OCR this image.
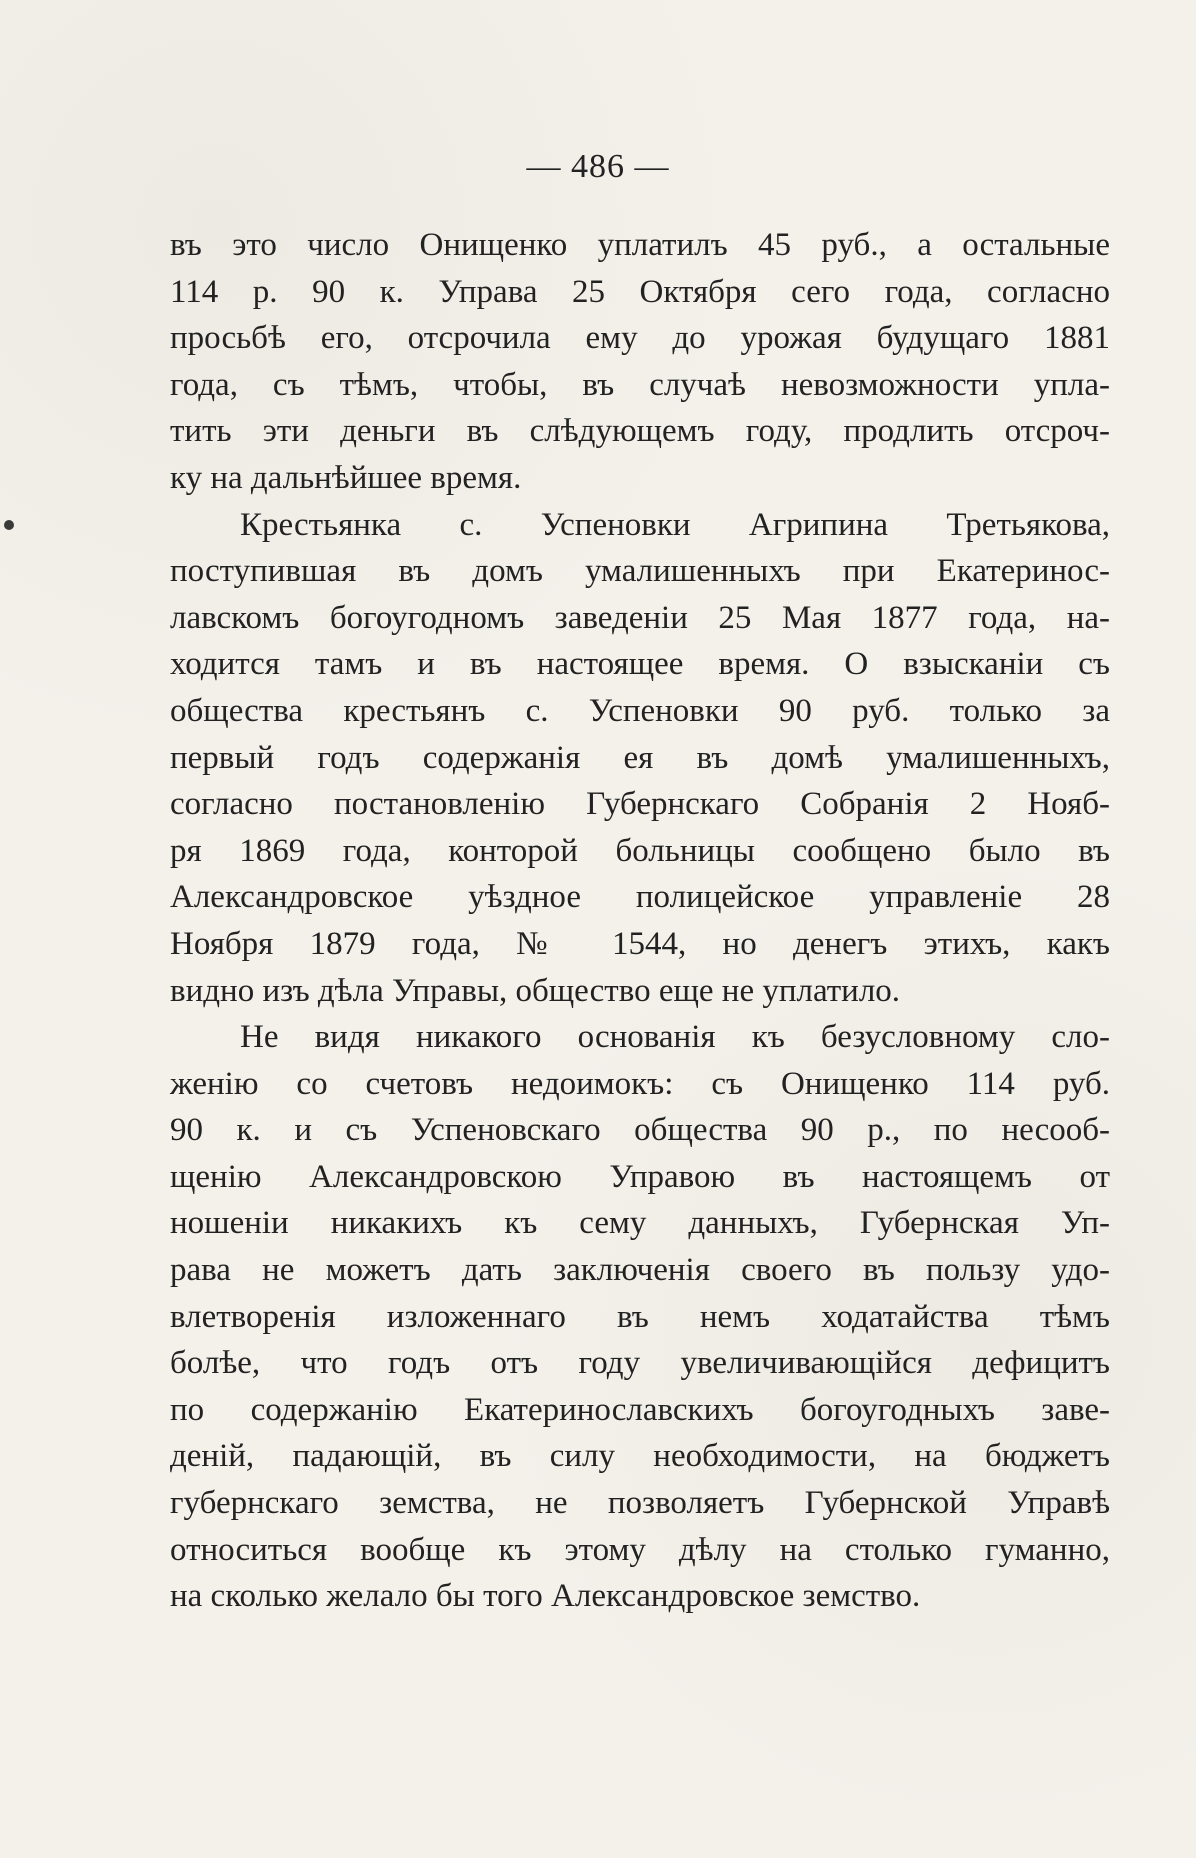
— 486 —
въ это число Онищенко уплатилъ 45 руб., а остальные
114 р. 90 к. Управа 25 Октября сего года, согласно
просьбѣ его, отсрочила ему до урожая будущаго 1881
года, съ тѣмъ, чтобы, въ случаѣ невозможности упла-
тить эти деньги въ слѣдующемъ году, продлить отсроч-
ку на дальнѣйшее время.
Крестьянка с. Успеновки Агрипина Третьякова,
поступившая въ домъ умалишенныхъ при Екатеринос-
лавскомъ богоугодномъ заведеніи 25 Мая 1877 года, на-
ходится тамъ и въ настоящее время. О взысканіи съ
общества крестьянъ с. Успеновки 90 руб. только за
первый годъ содержанія ея въ домѣ умалишенныхъ,
согласно постановленію Губернскаго Собранія 2 Нояб-
ря 1869 года, конторой больницы сообщено было въ
Александровское уѣздное полицейское управленіе 28
Ноября 1879 года, № 1544, но денегъ этихъ, какъ
видно изъ дѣла Управы, общество еще не уплатило.
Не видя никакого основанія къ безусловному сло-
женію со счетовъ недоимокъ: съ Онищенко 114 руб.
90 к. и съ Успеновскаго общества 90 р., по несооб-
щенію Александровскою Управою въ настоящемъ от
ношеніи никакихъ къ сему данныхъ, Губернская Уп-
рава не можетъ дать заключенія своего въ пользу удо-
влетворенія изложеннаго въ немъ ходатайства тѣмъ
болѣе, что годъ отъ году увеличивающійся дефицитъ
по содержанію Екатеринославскихъ богоугодныхъ заве-
деній, падающій, въ силу необходимости, на бюджетъ
губернскаго земства, не позволяетъ Губернской Управѣ
относиться вообще къ этому дѣлу на столько гуманно,
на сколько желало бы того Александровское земство.
